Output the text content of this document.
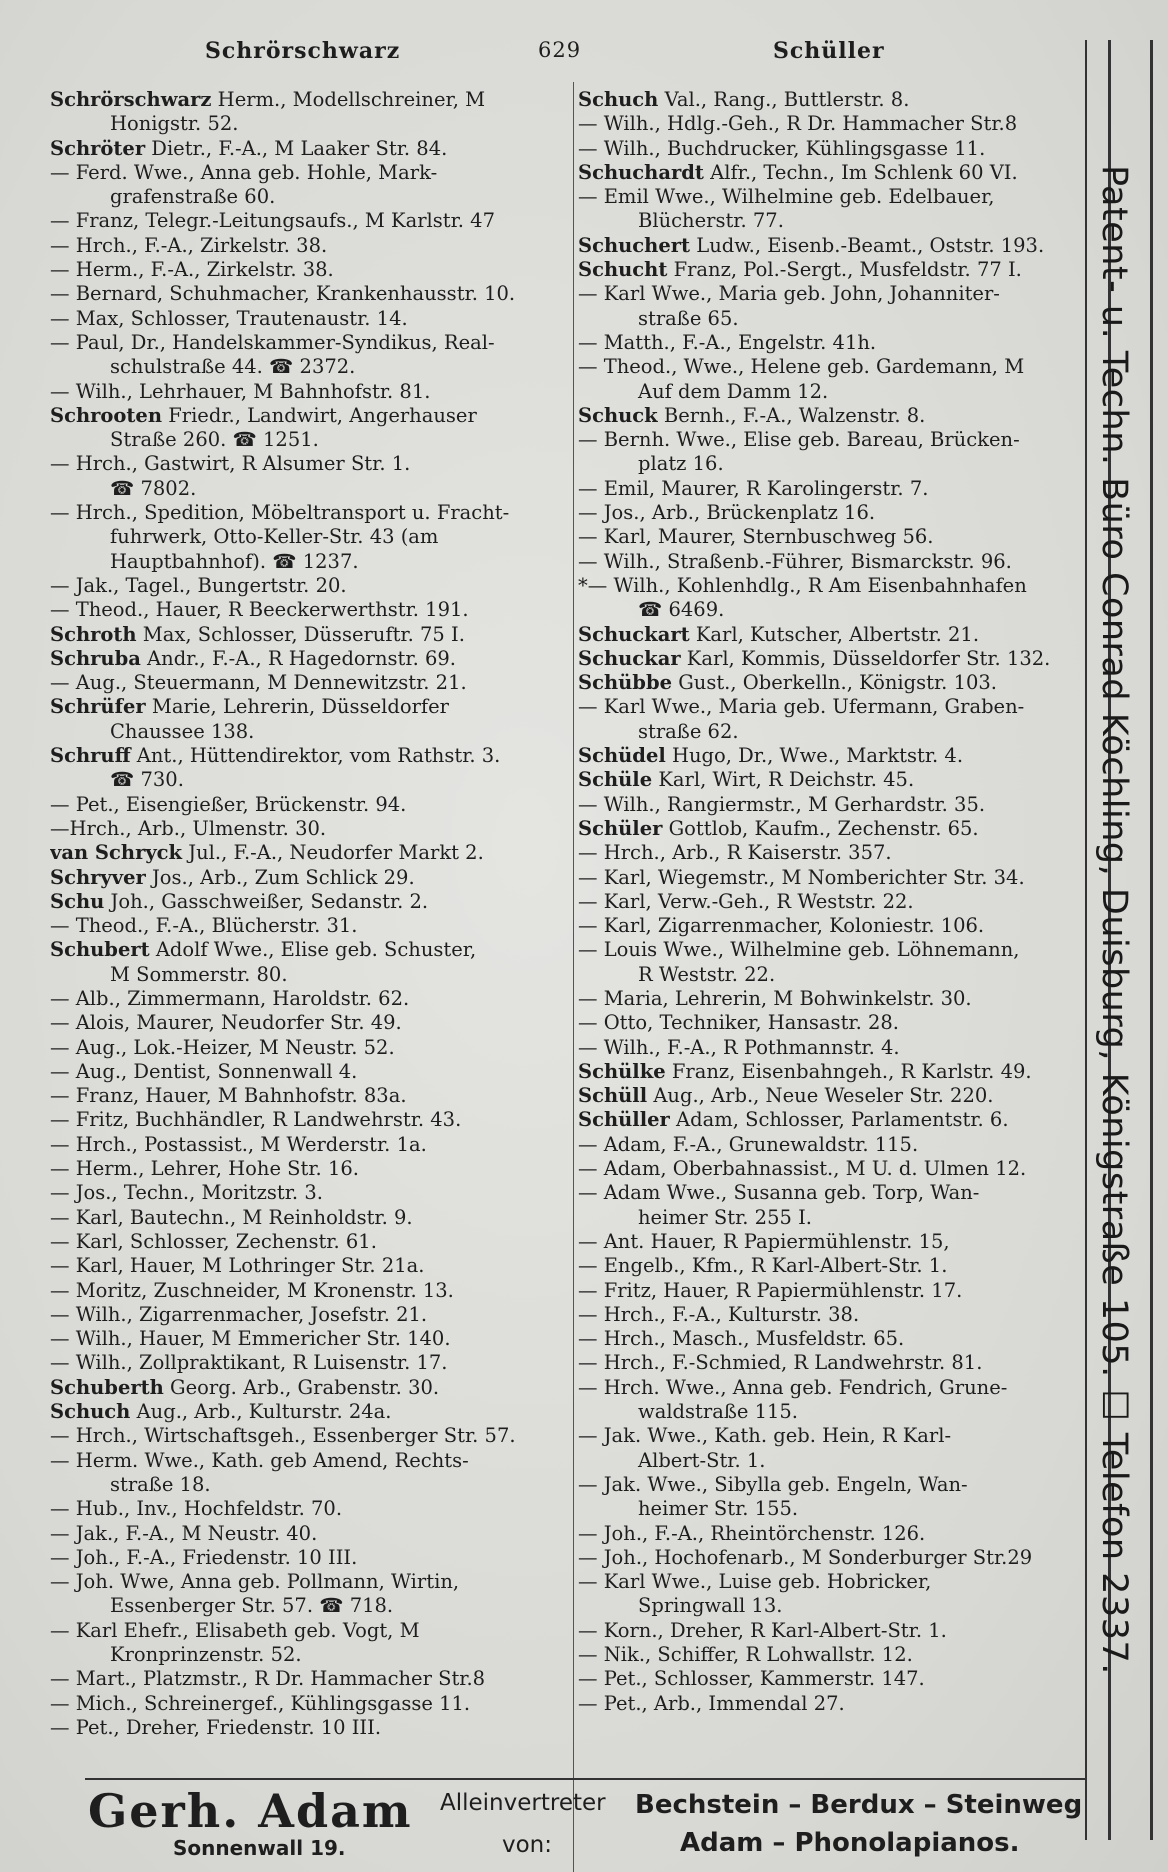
Schrörschwarz	629	Schüller
Schrörschwarz Herm., Modellschreiner, M
Honigstr. 52.
Schröter Dietr., F.-A., M Laaker Str. 84.
— Ferd. Wwe., Anna geb. Hohle, Mark-
grafenstraße 60.
— Franz, Telegr.-Leitungsaufs., M Karlstr. 47
— Hrch., F.-A., Zirkelstr. 38.
— Herm., F.-A., Zirkelstr. 38.
— Bernard, Schuhmacher, Krankenhausstr. 10.
— Max, Schlosser, Trautenaustr. 14.
— Paul, Dr., Handelskammer-Syndikus, Real-
schulstraße 44. ☎ 2372.
— Wilh., Lehrhauer, M Bahnhofstr. 81.
Schrooten Friedr., Landwirt, Angerhauser
Straße 260. ☎ 1251.
— Hrch., Gastwirt, R Alsumer Str. 1.
☎ 7802.
— Hrch., Spedition, Möbeltransport u. Fracht-
fuhrwerk, Otto-Keller-Str. 43 (am
Hauptbahnhof). ☎ 1237.
— Jak., Tagel., Bungertstr. 20.
— Theod., Hauer, R Beeckerwerthstr. 191.
Schroth Max, Schlosser, Düsseruftr. 75 I.
Schruba Andr., F.-A., R Hagedornstr. 69.
— Aug., Steuermann, M Dennewitzstr. 21.
Schrüfer Marie, Lehrerin, Düsseldorfer
Chaussee 138.
Schruff Ant., Hüttendirektor, vom Rathstr. 3.
☎ 730.
— Pet., Eisengießer, Brückenstr. 94.
—Hrch., Arb., Ulmenstr. 30.
van Schryck Jul., F.-A., Neudorfer Markt 2.
Schryver Jos., Arb., Zum Schlick 29.
Schu Joh., Gasschweißer, Sedanstr. 2.
— Theod., F.-A., Blücherstr. 31.
Schubert Adolf Wwe., Elise geb. Schuster,
M Sommerstr. 80.
— Alb., Zimmermann, Haroldstr. 62.
— Alois, Maurer, Neudorfer Str. 49.
— Aug., Lok.-Heizer, M Neustr. 52.
— Aug., Dentist, Sonnenwall 4.
— Franz, Hauer, M Bahnhofstr. 83a.
— Fritz, Buchhändler, R Landwehrstr. 43.
— Hrch., Postassist., M Werderstr. 1a.
— Herm., Lehrer, Hohe Str. 16.
— Jos., Techn., Moritzstr. 3.
— Karl, Bautechn., M Reinholdstr. 9.
— Karl, Schlosser, Zechenstr. 61.
— Karl, Hauer, M Lothringer Str. 21a.
— Moritz, Zuschneider, M Kronenstr. 13.
— Wilh., Zigarrenmacher, Josefstr. 21.
— Wilh., Hauer, M Emmericher Str. 140.
— Wilh., Zollpraktikant, R Luisenstr. 17.
Schuberth Georg. Arb., Grabenstr. 30.
Schuch Aug., Arb., Kulturstr. 24a.
— Hrch., Wirtschaftsgeh., Essenberger Str. 57.
— Herm. Wwe., Kath. geb Amend, Rechts-
straße 18.
— Hub., Inv., Hochfeldstr. 70.
— Jak., F.-A., M Neustr. 40.
— Joh., F.-A., Friedenstr. 10 III.
— Joh. Wwe, Anna geb. Pollmann, Wirtin,
Essenberger Str. 57. ☎ 718.
— Karl Ehefr., Elisabeth geb. Vogt, M
Kronprinzenstr. 52.
— Mart., Platzmstr., R Dr. Hammacher Str.8
— Mich., Schreinergef., Kühlingsgasse 11.
— Pet., Dreher, Friedenstr. 10 III.
Schuch Val., Rang., Buttlerstr. 8.
— Wilh., Hdlg.-Geh., R Dr. Hammacher Str.8
— Wilh., Buchdrucker, Kühlingsgasse 11.
Schuchardt Alfr., Techn., Im Schlenk 60 VI.
— Emil Wwe., Wilhelmine geb. Edelbauer,
Blücherstr. 77.
Schuchert Ludw., Eisenb.-Beamt., Oststr. 193.
Schucht Franz, Pol.-Sergt., Musfeldstr. 77 I.
— Karl Wwe., Maria geb. John, Johanniter-
straße 65.
— Matth., F.-A., Engelstr. 41h.
— Theod., Wwe., Helene geb. Gardemann, M
Auf dem Damm 12.
Schuck Bernh., F.-A., Walzenstr. 8.
— Bernh. Wwe., Elise geb. Bareau, Brücken-
platz 16.
— Emil, Maurer, R Karolingerstr. 7.
— Jos., Arb., Brückenplatz 16.
— Karl, Maurer, Sternbuschweg 56.
— Wilh., Straßenb.-Führer, Bismarckstr. 96.
*— Wilh., Kohlenhdlg., R Am Eisenbahnhafen
☎ 6469.
Schuckart Karl, Kutscher, Albertstr. 21.
Schuckar Karl, Kommis, Düsseldorfer Str. 132.
Schübbe Gust., Oberkelln., Königstr. 103.
— Karl Wwe., Maria geb. Ufermann, Graben-
straße 62.
Schüdel Hugo, Dr., Wwe., Marktstr. 4.
Schüle Karl, Wirt, R Deichstr. 45.
— Wilh., Rangiermstr., M Gerhardstr. 35.
Schüler Gottlob, Kaufm., Zechenstr. 65.
— Hrch., Arb., R Kaiserstr. 357.
— Karl, Wiegemstr., M Nomberichter Str. 34.
— Karl, Verw.-Geh., R Weststr. 22.
— Karl, Zigarrenmacher, Koloniestr. 106.
— Louis Wwe., Wilhelmine geb. Löhnemann,
R Weststr. 22.
— Maria, Lehrerin, M Bohwinkelstr. 30.
— Otto, Techniker, Hansastr. 28.
— Wilh., F.-A., R Pothmannstr. 4.
Schülke Franz, Eisenbahngeh., R Karlstr. 49.
Schüll Aug., Arb., Neue Weseler Str. 220.
Schüller Adam, Schlosser, Parlamentstr. 6.
— Adam, F.-A., Grunewaldstr. 115.
— Adam, Oberbahnassist., M U. d. Ulmen 12.
— Adam Wwe., Susanna geb. Torp, Wan-
heimer Str. 255 I.
— Ant. Hauer, R Papiermühlenstr. 15,
— Engelb., Kfm., R Karl-Albert-Str. 1.
— Fritz, Hauer, R Papiermühlenstr. 17.
— Hrch., F.-A., Kulturstr. 38.
— Hrch., Masch., Musfeldstr. 65.
— Hrch., F.-Schmied, R Landwehrstr. 81.
— Hrch. Wwe., Anna geb. Fendrich, Grune-
waldstraße 115.
— Jak. Wwe., Kath. geb. Hein, R Karl-
Albert-Str. 1.
— Jak. Wwe., Sibylla geb. Engeln, Wan-
heimer Str. 155.
— Joh., F.-A., Rheintörchenstr. 126.
— Joh., Hochofenarb., M Sonderburger Str.29
— Karl Wwe., Luise geb. Hobricker,
Springwall 13.
— Korn., Dreher, R Karl-Albert-Str. 1.
— Nik., Schiffer, R Lohwallstr. 12.
— Pet., Schlosser, Kammerstr. 147.
— Pet., Arb., Immendal 27.
Patent- u. Techn. Büro Conrad Köchling, Duisburg, Königstraße 105. ☐ Telefon 2337.
Gerh. Adam
Sonnenwall 19.
Alleinvertreter
von:
Bechstein – Berdux – Steinweg
Adam – Phonolapianos.
